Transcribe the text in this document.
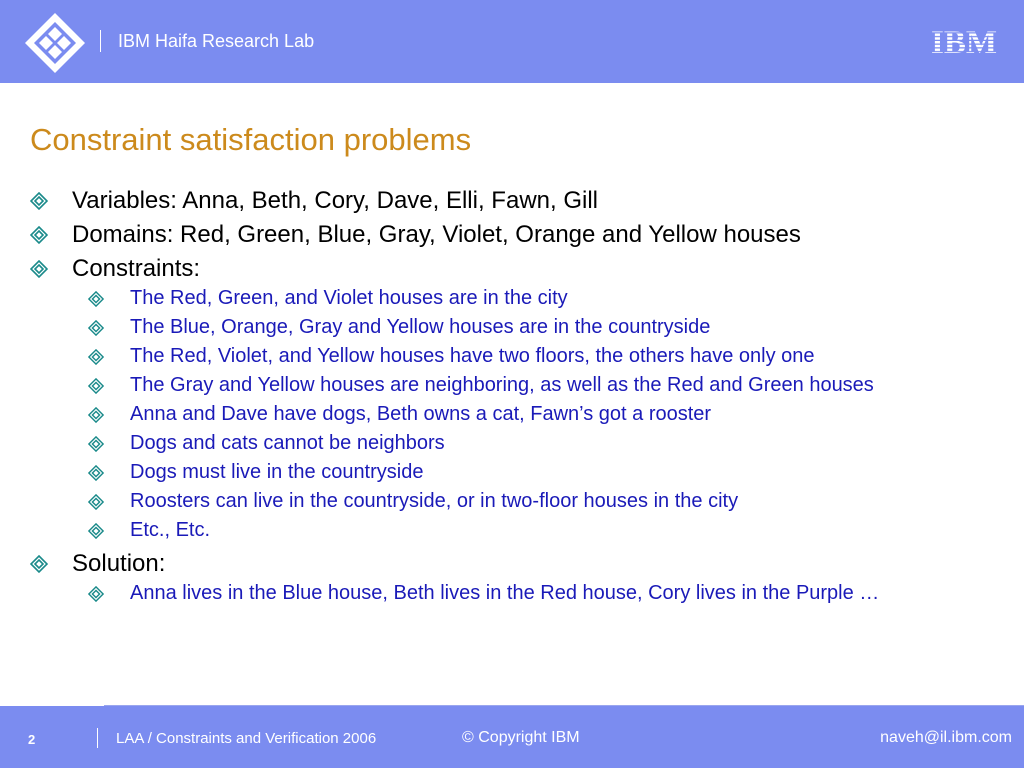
IBM Haifa Research Lab	IBM
Constraint satisfaction problems
Variables: Anna, Beth, Cory, Dave, Elli, Fawn, Gill
Domains: Red, Green, Blue, Gray, Violet, Orange and Yellow houses
Constraints:
The Red, Green, and Violet houses are in the city
The Blue, Orange, Gray and Yellow houses are in the countryside
The Red, Violet, and Yellow houses have two floors, the others have only one
The Gray and Yellow houses are neighboring, as well as the Red and Green houses
Anna and Dave have dogs, Beth owns a cat, Fawn’s got a rooster
Dogs and cats cannot be neighbors
Dogs must live in the countryside
Roosters can live in the countryside, or in two-floor houses in the city
Etc., Etc.
Solution:
Anna lives in the Blue house, Beth lives in the Red house, Cory lives in the Purple …
2	LAA / Constraints and Verification 2006	© Copyright IBM	naveh@il.ibm.com
